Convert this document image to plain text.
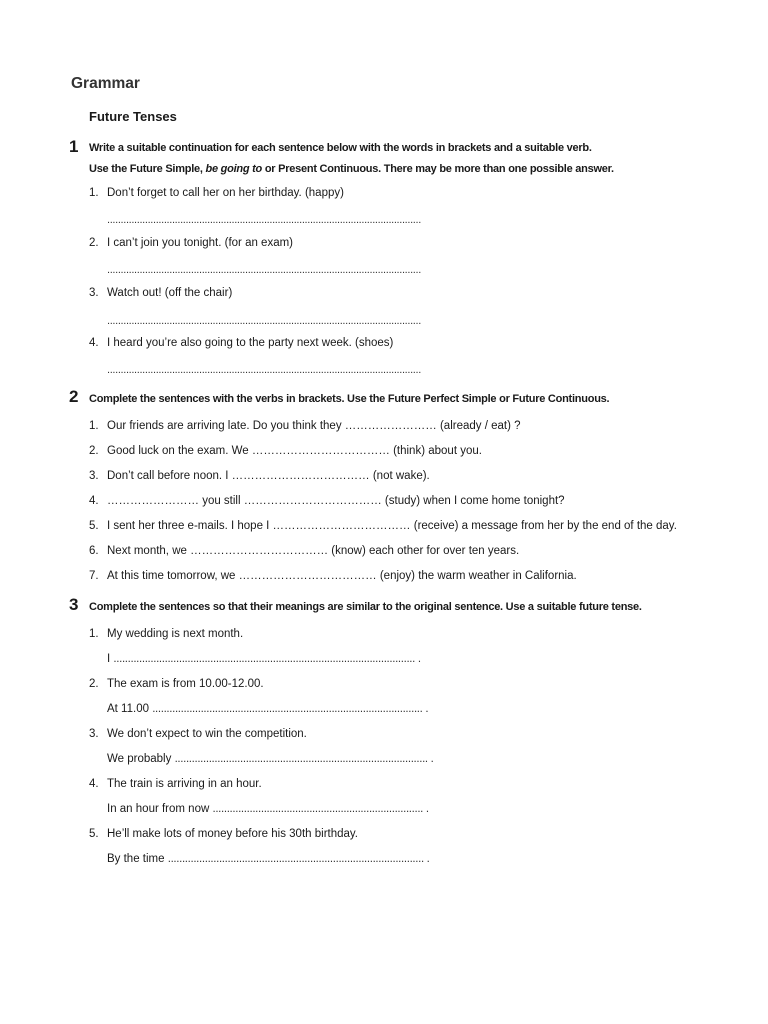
Grammar
Future Tenses
1 Write a suitable continuation for each sentence below with the words in brackets and a suitable verb.
Use the Future Simple, be going to or Present Continuous. There may be more than one possible answer.
1. Don’t forget to call her on her birthday. (happy)
....................................................................................................................
2. I can’t join you tonight. (for an exam)
....................................................................................................................
3. Watch out! (off the chair)
....................................................................................................................
4. I heard you’re also going to the party next week. (shoes)
....................................................................................................................
2 Complete the sentences with the verbs in brackets. Use the Future Perfect Simple or Future Continuous.
1. Our friends are arriving late. Do you think they …………………… (already / eat) ?
2. Good luck on the exam. We ……………………………… (think) about you.
3. Don’t call before noon. I ……………………………… (not wake).
4. …………………… you still ……………………………… (study) when I come home tonight?
5. I sent her three e-mails. I hope I ……………………………… (receive) a message from her by the end of the day.
6. Next month, we ……………………………… (know) each other for over ten years.
7. At this time tomorrow, we ……………………………… (enjoy) the warm weather in California.
3 Complete the sentences so that their meanings are similar to the original sentence. Use a suitable future tense.
1. My wedding is next month.
I .......................................................................................................... .
2. The exam is from 10.00-12.00.
At 11.00 ............................................................................................... .
3. We don’t expect to win the competition.
We probably ......................................................................................... .
4. The train is arriving in an hour.
In an hour from now .......................................................................... .
5. He’ll make lots of money before his 30th birthday.
By the time .......................................................................................... .
